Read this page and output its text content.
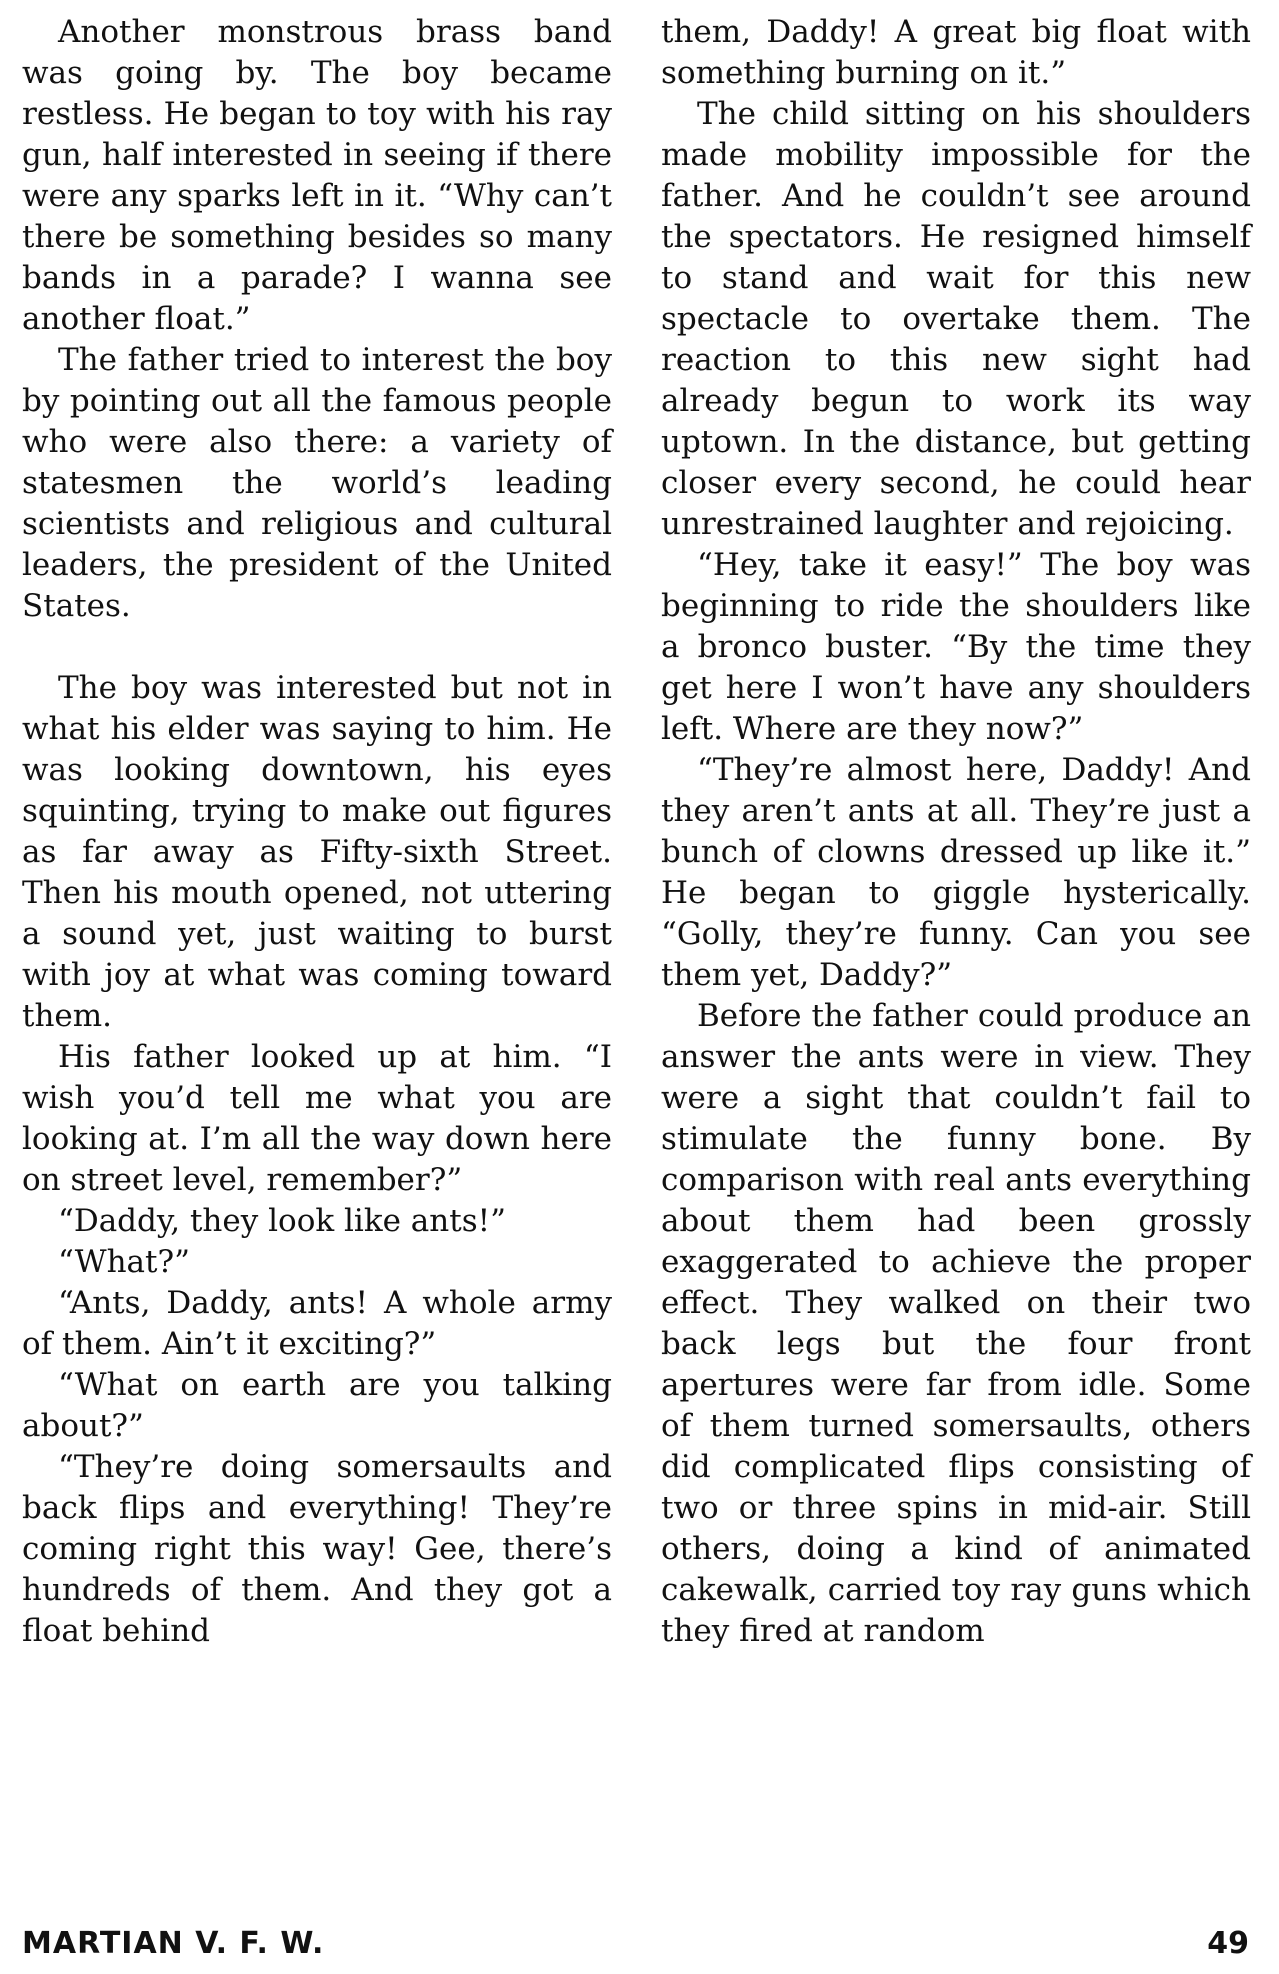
Another monstrous brass band was going by. The boy became restless. He began to toy with his ray gun, half interested in seeing if there were any sparks left in it. “Why can’t there be something besides so many bands in a parade? I wanna see another float.”

The father tried to interest the boy by pointing out all the famous people who were also there: a variety of statesmen the world’s leading scientists and religious and cultural leaders, the president of the United States.

The boy was interested but not in what his elder was saying to him. He was looking downtown, his eyes squinting, trying to make out figures as far away as Fifty-sixth Street. Then his mouth opened, not uttering a sound yet, just waiting to burst with joy at what was coming toward them.

His father looked up at him. “I wish you’d tell me what you are looking at. I’m all the way down here on street level, remember?”

“Daddy, they look like ants!”

“What?”

“Ants, Daddy, ants! A whole army of them. Ain’t it exciting?”

“What on earth are you talking about?”

“They’re doing somersaults and back flips and everything! They’re coming right this way! Gee, there’s hundreds of them. And they got a float behind

them, Daddy! A great big float with something burning on it.”

The child sitting on his shoulders made mobility impossible for the father. And he couldn’t see around the spectators. He resigned himself to stand and wait for this new spectacle to overtake them. The reaction to this new sight had already begun to work its way uptown. In the distance, but getting closer every second, he could hear unrestrained laughter and rejoicing.

“Hey, take it easy!” The boy was beginning to ride the shoulders like a bronco buster. “By the time they get here I won’t have any shoulders left. Where are they now?”

“They’re almost here, Daddy! And they aren’t ants at all. They’re just a bunch of clowns dressed up like it.” He began to giggle hysterically. “Golly, they’re funny. Can you see them yet, Daddy?”

Before the father could produce an answer the ants were in view. They were a sight that couldn’t fail to stimulate the funny bone. By comparison with real ants everything about them had been grossly exaggerated to achieve the proper effect. They walked on their two back legs but the four front apertures were far from idle. Some of them turned somersaults, others did complicated flips consisting of two or three spins in mid-air. Still others, doing a kind of animated cakewalk, carried toy ray guns which they fired at random

MARTIAN V. F. W.	49
